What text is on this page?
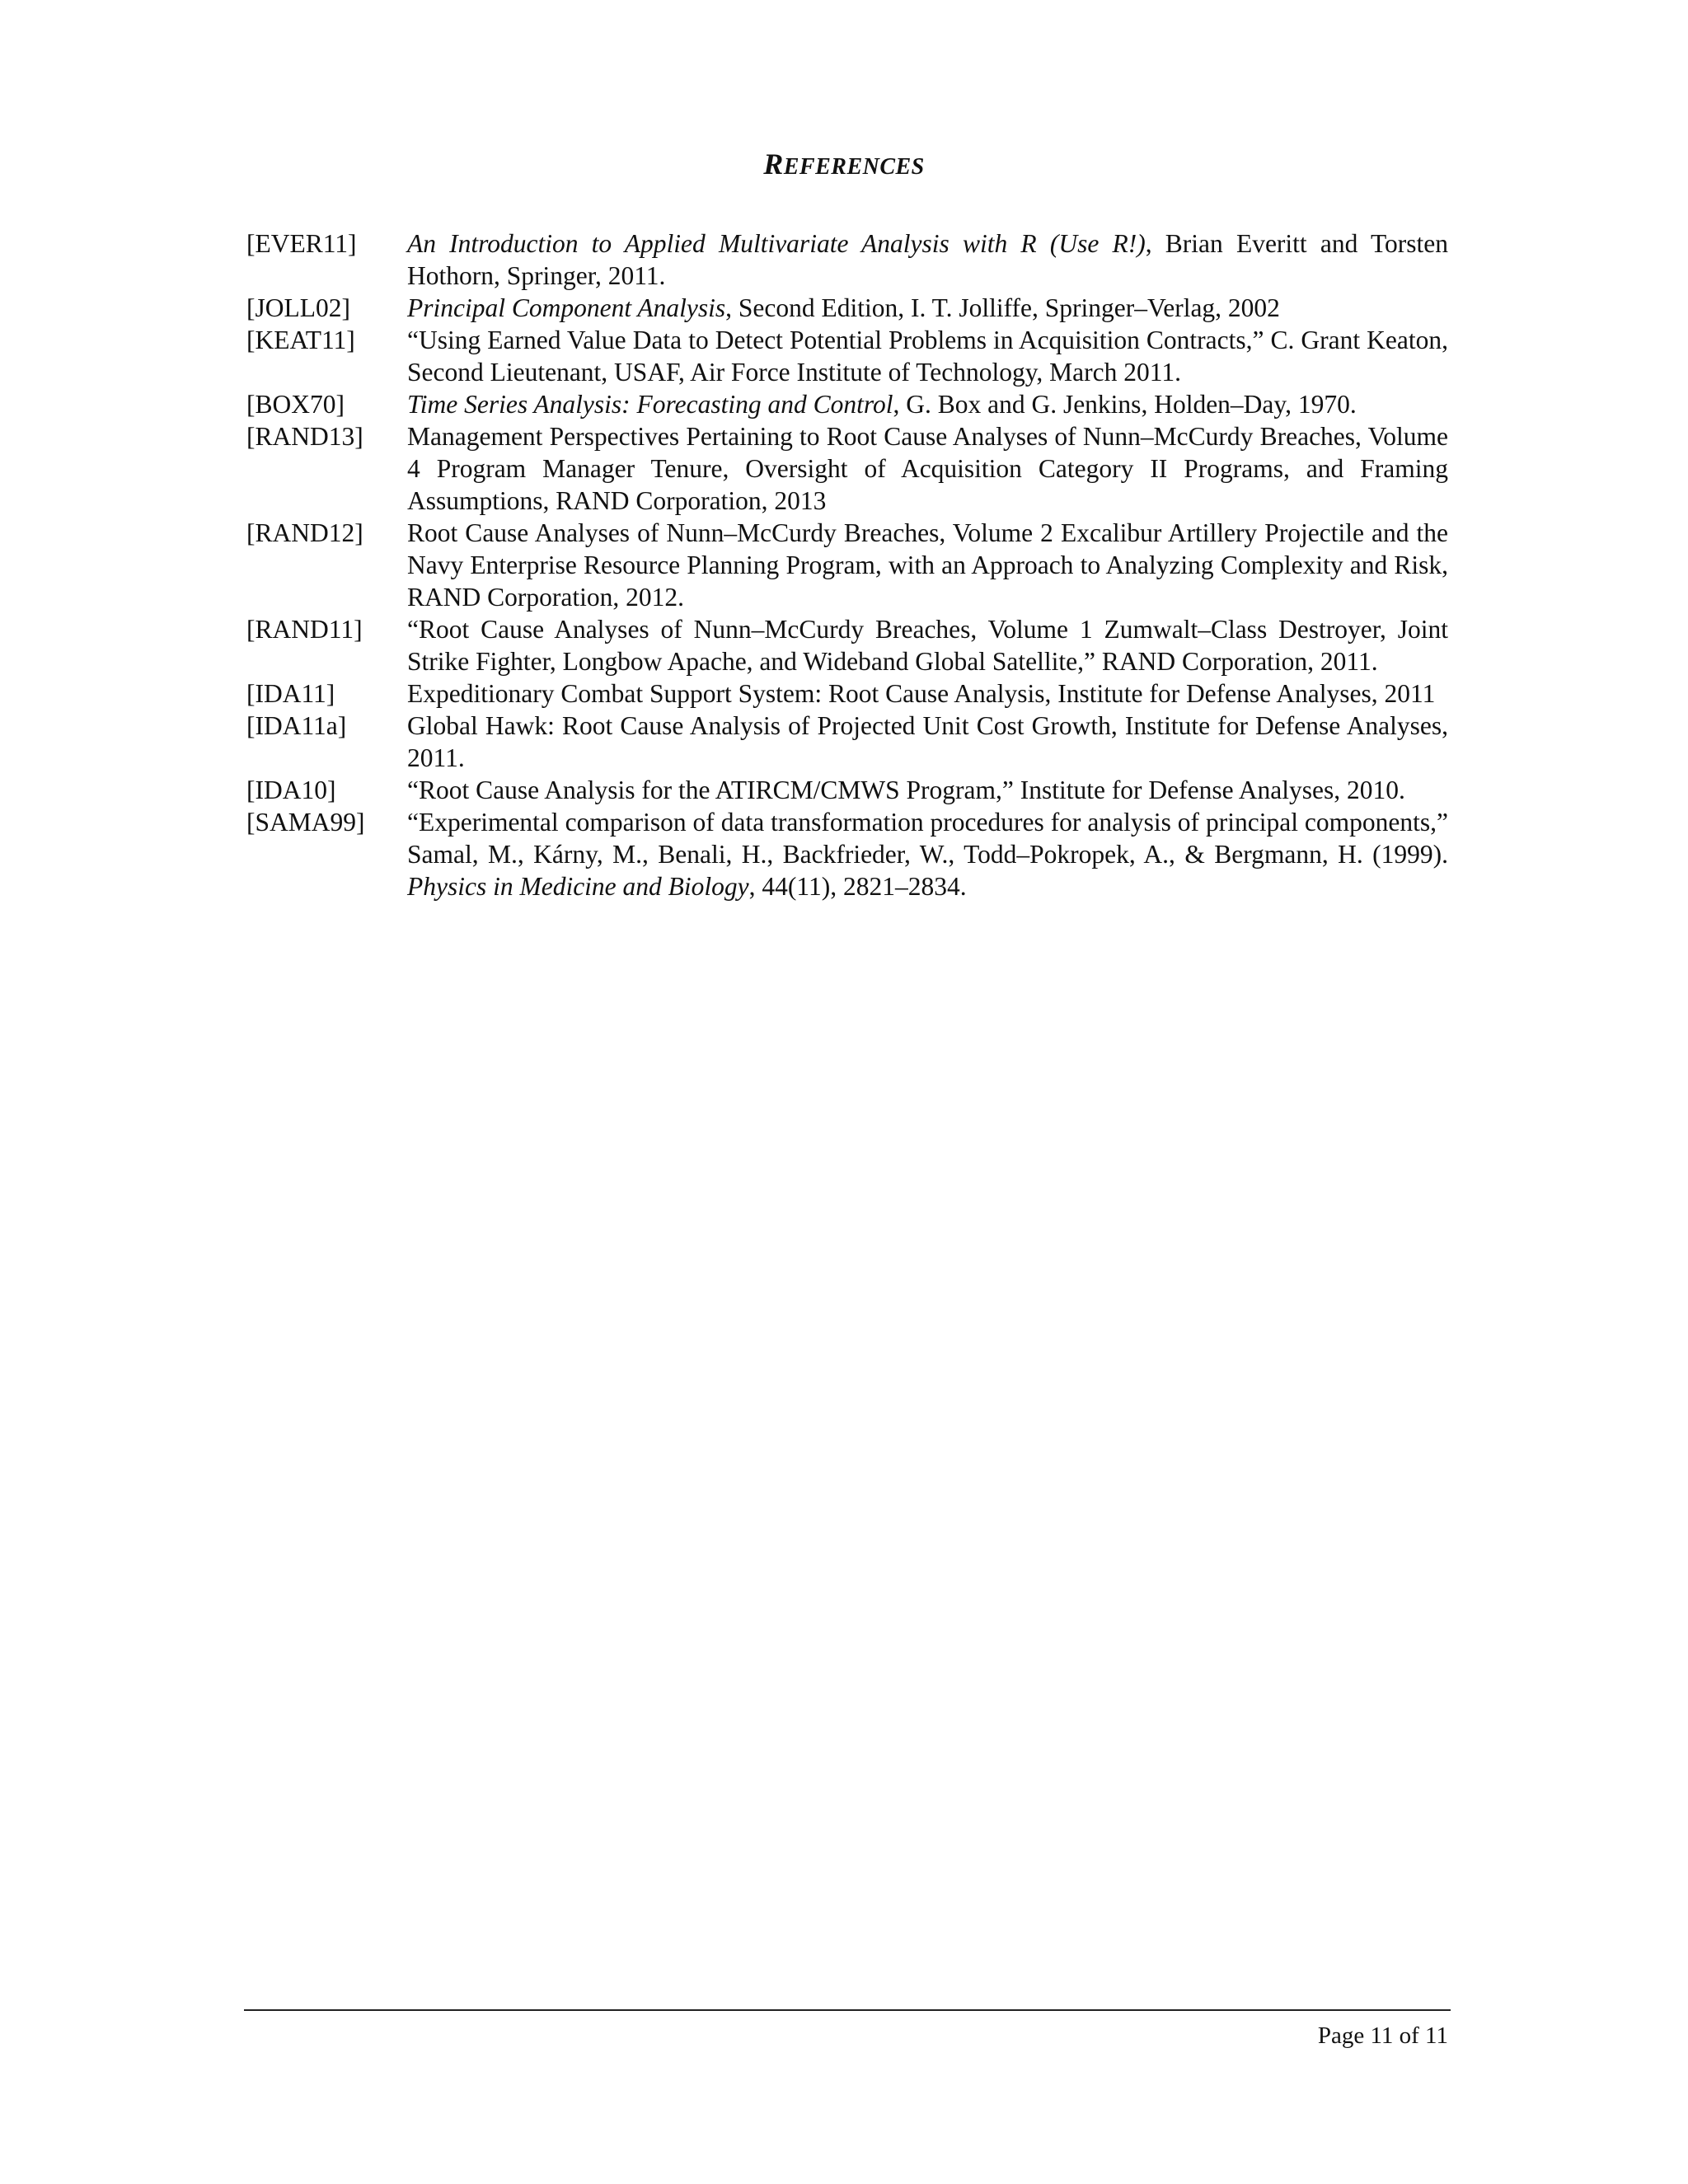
REFERENCES
[EVER11]	An Introduction to Applied Multivariate Analysis with R (Use R!), Brian Everitt and Torsten Hothorn, Springer, 2011.
[JOLL02]	Principal Component Analysis, Second Edition, I. T. Jolliffe, Springer–Verlag, 2002
[KEAT11]	“Using Earned Value Data to Detect Potential Problems in Acquisition Contracts,” C. Grant Keaton, Second Lieutenant, USAF, Air Force Institute of Technology, March 2011.
[BOX70]	Time Series Analysis: Forecasting and Control, G. Box and G. Jenkins, Holden–Day, 1970.
[RAND13]	Management Perspectives Pertaining to Root Cause Analyses of Nunn–McCurdy Breaches, Volume 4 Program Manager Tenure, Oversight of Acquisition Category II Programs, and Framing Assumptions, RAND Corporation, 2013
[RAND12]	Root Cause Analyses of Nunn–McCurdy Breaches, Volume 2 Excalibur Artillery Projectile and the Navy Enterprise Resource Planning Program, with an Approach to Analyzing Complexity and Risk, RAND Corporation, 2012.
[RAND11]	“Root Cause Analyses of Nunn–McCurdy Breaches, Volume 1 Zumwalt–Class Destroyer, Joint Strike Fighter, Longbow Apache, and Wideband Global Satellite,” RAND Corporation, 2011.
[IDA11]	Expeditionary Combat Support System: Root Cause Analysis, Institute for Defense Analyses, 2011
[IDA11a]	Global Hawk: Root Cause Analysis of Projected Unit Cost Growth, Institute for Defense Analyses, 2011.
[IDA10]	“Root Cause Analysis for the ATIRCM/CMWS Program,” Institute for Defense Analyses, 2010.
[SAMA99]	“Experimental comparison of data transformation procedures for analysis of principal components,” Samal, M., Kárny, M., Benali, H., Backfrieder, W., Todd–Pokropek, A., & Bergmann, H. (1999). Physics in Medicine and Biology, 44(11), 2821–2834.
Page 11 of 11
